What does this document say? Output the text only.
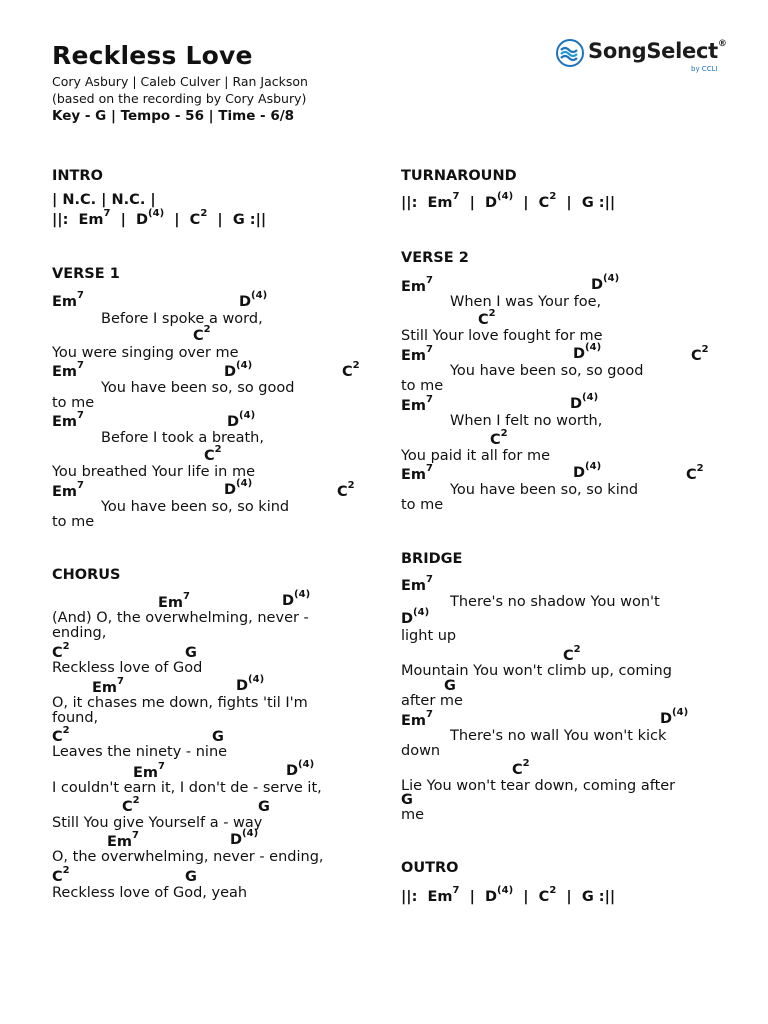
Reckless Love
Cory Asbury | Caleb Culver | Ran Jackson
(based on the recording by Cory Asbury)
Key - G | Tempo - 56 | Time - 6/8
SongSelect®
by CCLI
INTRO
| N.C. | N.C. |
||: Em$^7$ | $D^{(4)}$ | $C^2$ | G :||
VERSE 1
Em$^7$	$D^{(4)}$
Before I spoke a word,
$C^2$
You were singing over me
Em$^7$	$D^{(4)}$	$C^2$
You have been so, so good
to me
Em$^7$	$D^{(4)}$
Before I took a breath,
$C^2$
You breathed Your life in me
Em$^7$	$D^{(4)}$
$C^2$
You have been so, so kind
to me
CHORUS
Em$^7$	$D^{(4)}$
(And) O, the overwhelming, never -
ending,
$C^2$	G
Reckless love of God
Em$^7$	$D^{(4)}$
O, it chases me down, fights 'til I'm
found,
$C^2$	G
Leaves the ninety - nine
Em$^7$	$D^{(4)}$
I couldn't earn it, I don't de - serve it,
$C^2$	G
Still You give Yourself a - way
Em$^7$	$D^{(4)}$
O, the overwhelming, never - ending,
$C^2$	G
Reckless love of God, yeah
TURNAROUND
||: Em$^7$ | $D^{(4)}$ | $C^2$ | G :||
VERSE 2
Em$^7$	$D^{(4)}$
When I was Your foe,
$C^2$
Still Your love fought for me
Em$^7$	$D^{(4)}$
$C^2$
You have been so, so good
to me
Em$^7$	$D^{(4)}$
When I felt no worth,
$C^2$
You paid it all for me
Em$^7$	$D^{(4)}$
$C^2$
You have been so, so kind
to me
BRIDGE
Em$^7$
There's no shadow You won't
$D^{(4)}$
light up
$C^2$
Mountain You won't climb up, coming
G
after me
Em$^7$	$D^{(4)}$
There's no wall You won't kick
down
$C^2$
Lie You won't tear down, coming after
G
me
OUTRO
||: Em$^7$ | $D^{(4)}$ | $C^2$ | G :||
